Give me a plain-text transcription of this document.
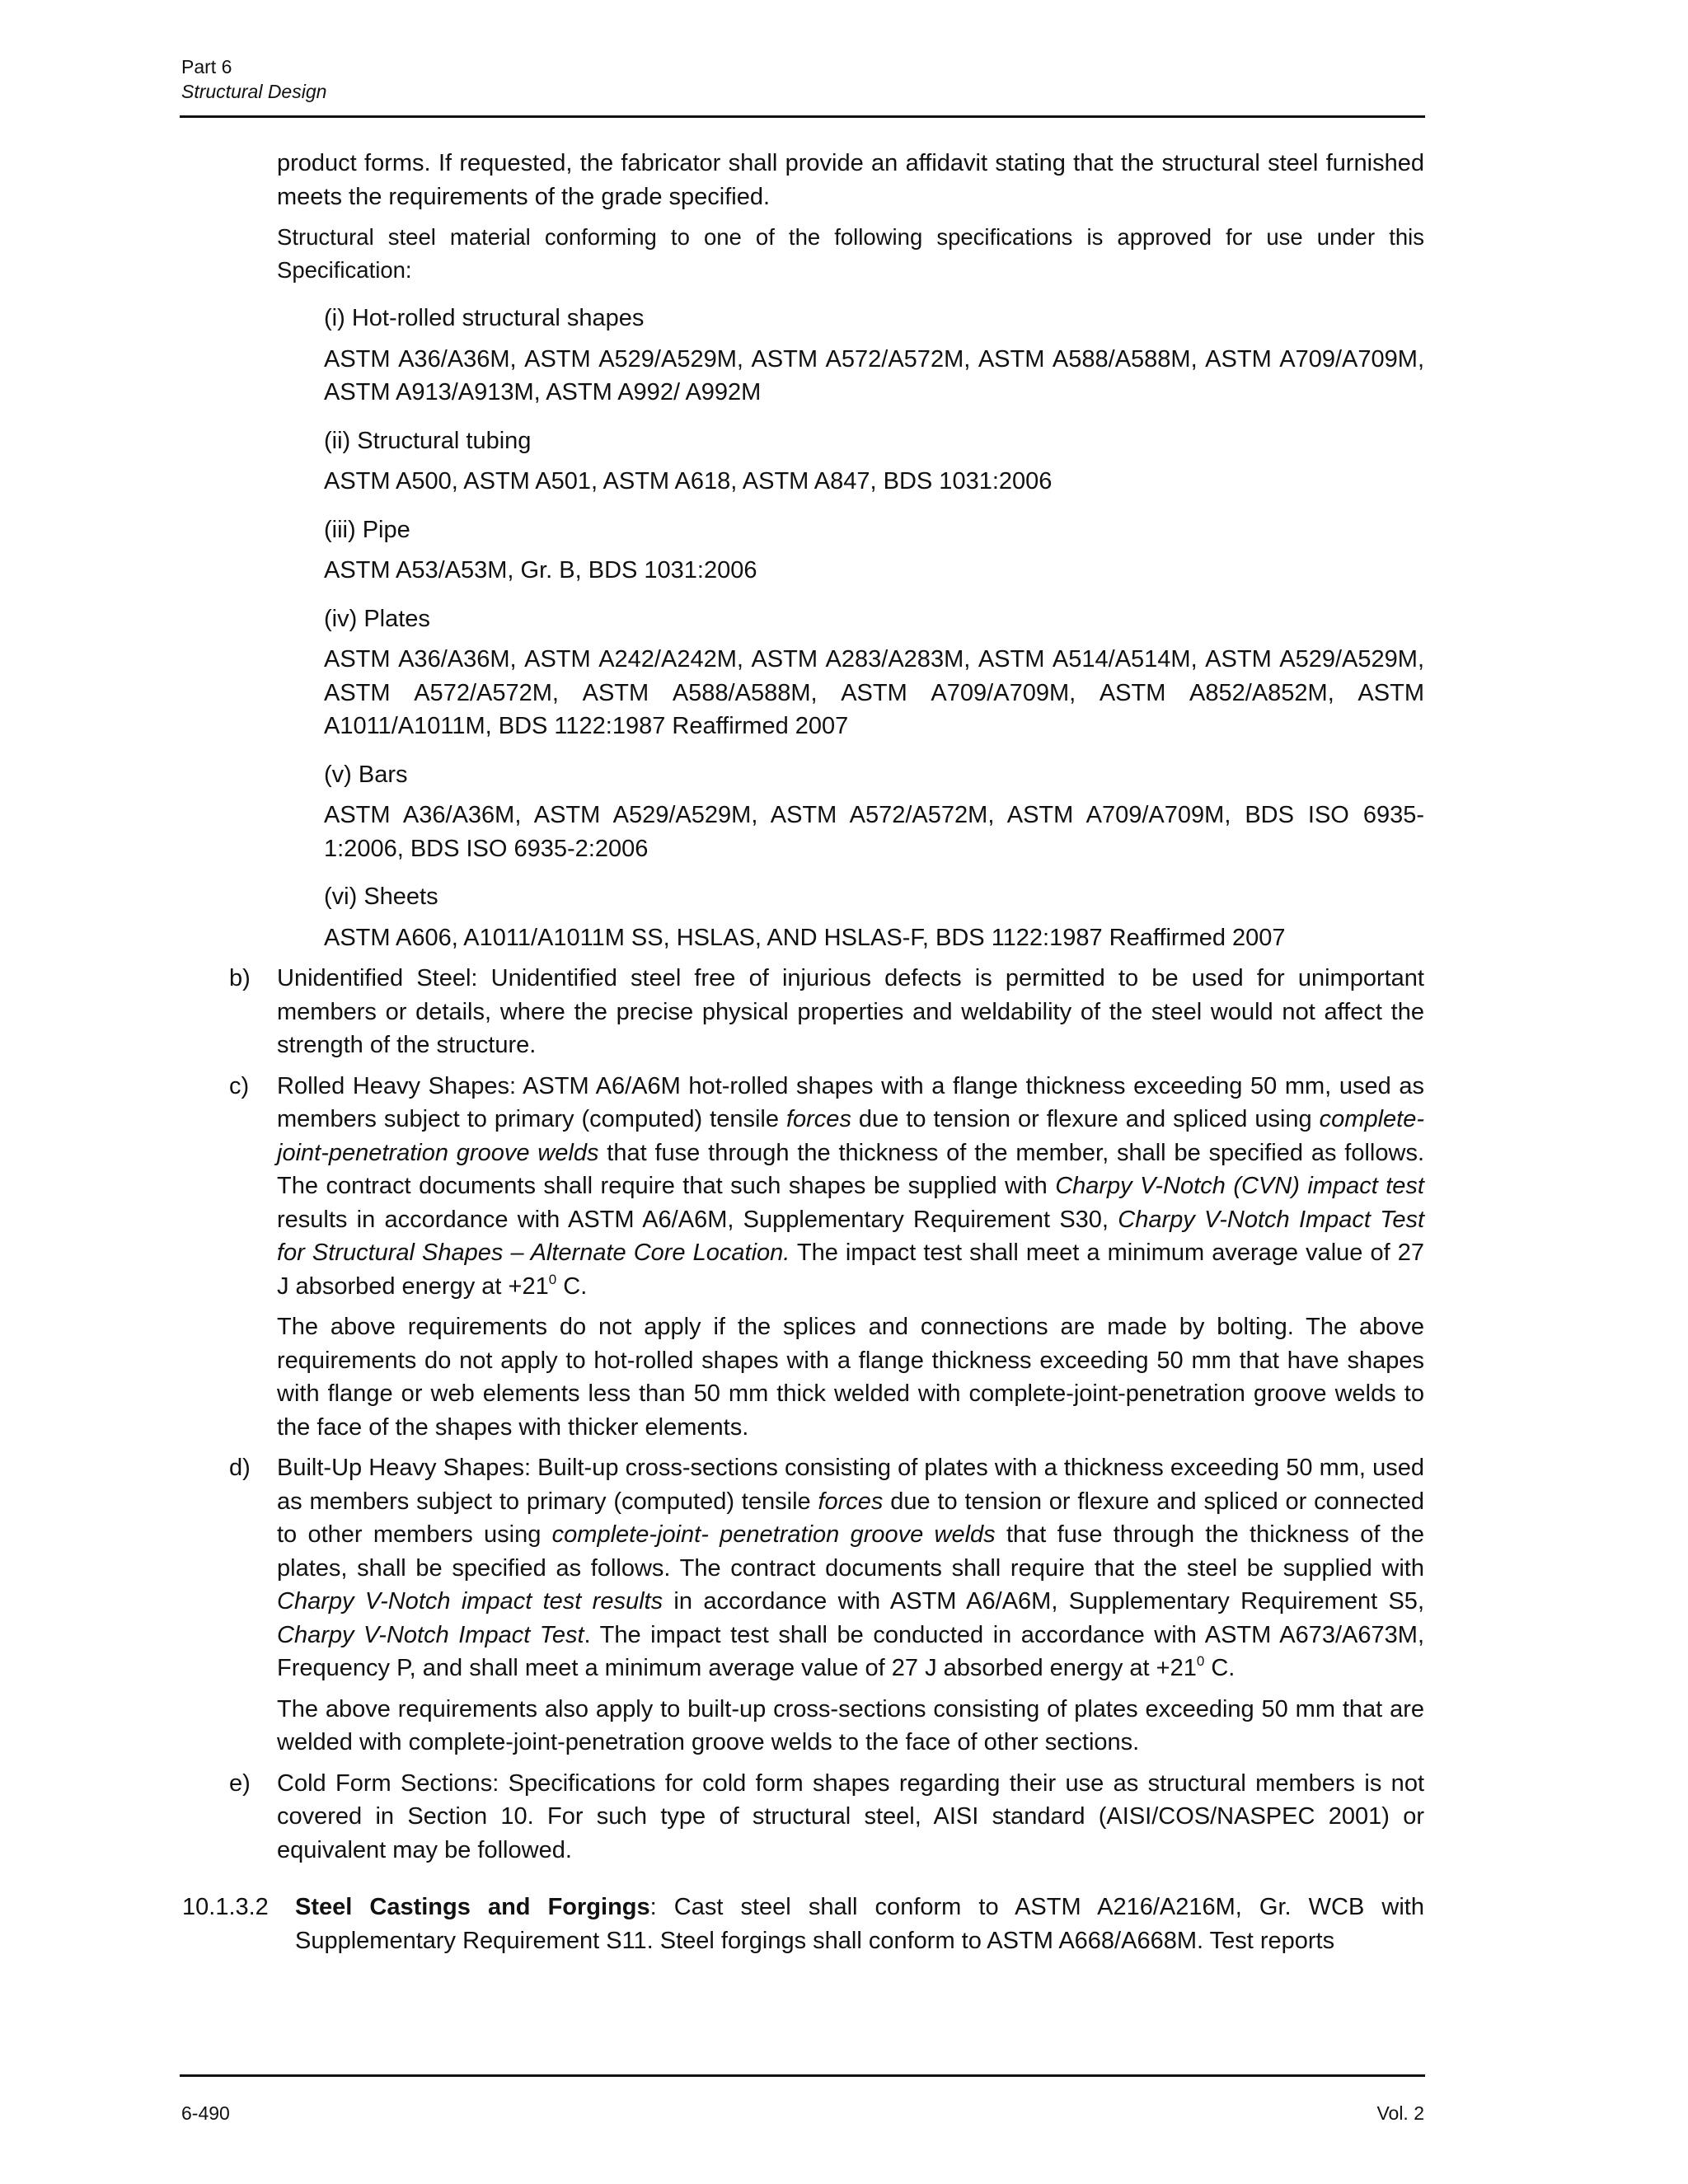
Part 6
Structural Design

product forms. If requested, the fabricator shall provide an affidavit stating that the structural steel furnished meets the requirements of the grade specified.

Structural steel material conforming to one of the following specifications is approved for use under this Specification:

(i) Hot-rolled structural shapes

ASTM A36/A36M, ASTM A529/A529M, ASTM A572/A572M, ASTM A588/A588M, ASTM A709/A709M, ASTM A913/A913M, ASTM A992/ A992M

(ii) Structural tubing

ASTM A500, ASTM A501, ASTM A618, ASTM A847, BDS 1031:2006

(iii) Pipe

ASTM A53/A53M, Gr. B, BDS 1031:2006

(iv) Plates

ASTM A36/A36M, ASTM A242/A242M, ASTM A283/A283M, ASTM A514/A514M, ASTM A529/A529M, ASTM A572/A572M, ASTM A588/A588M, ASTM A709/A709M, ASTM A852/A852M, ASTM A1011/A1011M, BDS 1122:1987 Reaffirmed 2007

(v) Bars

ASTM A36/A36M, ASTM A529/A529M, ASTM A572/A572M, ASTM A709/A709M, BDS ISO 6935-1:2006, BDS ISO 6935-2:2006

(vi) Sheets

ASTM A606, A1011/A1011M SS, HSLAS, AND HSLAS-F, BDS 1122:1987 Reaffirmed 2007

b) Unidentified Steel: Unidentified steel free of injurious defects is permitted to be used for unimportant members or details, where the precise physical properties and weldability of the steel would not affect the strength of the structure.

c) Rolled Heavy Shapes: ASTM A6/A6M hot-rolled shapes with a flange thickness exceeding 50 mm, used as members subject to primary (computed) tensile forces due to tension or flexure and spliced using complete-joint-penetration groove welds that fuse through the thickness of the member, shall be specified as follows. The contract documents shall require that such shapes be supplied with Charpy V-Notch (CVN) impact test results in accordance with ASTM A6/A6M, Supplementary Requirement S30, Charpy V-Notch Impact Test for Structural Shapes – Alternate Core Location. The impact test shall meet a minimum average value of 27 J absorbed energy at $+21^0$ C.

The above requirements do not apply if the splices and connections are made by bolting. The above requirements do not apply to hot-rolled shapes with a flange thickness exceeding 50 mm that have shapes with flange or web elements less than 50 mm thick welded with complete-joint-penetration groove welds to the face of the shapes with thicker elements.

d) Built-Up Heavy Shapes: Built-up cross-sections consisting of plates with a thickness exceeding 50 mm, used as members subject to primary (computed) tensile forces due to tension or flexure and spliced or connected to other members using complete-joint- penetration groove welds that fuse through the thickness of the plates, shall be specified as follows. The contract documents shall require that the steel be supplied with Charpy V-Notch impact test results in accordance with ASTM A6/A6M, Supplementary Requirement S5, Charpy V-Notch Impact Test. The impact test shall be conducted in accordance with ASTM A673/A673M, Frequency P, and shall meet a minimum average value of 27 J absorbed energy at $+21^0$ C.

The above requirements also apply to built-up cross-sections consisting of plates exceeding 50 mm that are welded with complete-joint-penetration groove welds to the face of other sections.

e) Cold Form Sections: Specifications for cold form shapes regarding their use as structural members is not covered in Section 10. For such type of structural steel, AISI standard (AISI/COS/NASPEC 2001) or equivalent may be followed.

10.1.3.2 Steel Castings and Forgings: Cast steel shall conform to ASTM A216/A216M, Gr. WCB with Supplementary Requirement S11. Steel forgings shall conform to ASTM A668/A668M. Test reports

6-490	Vol. 2
